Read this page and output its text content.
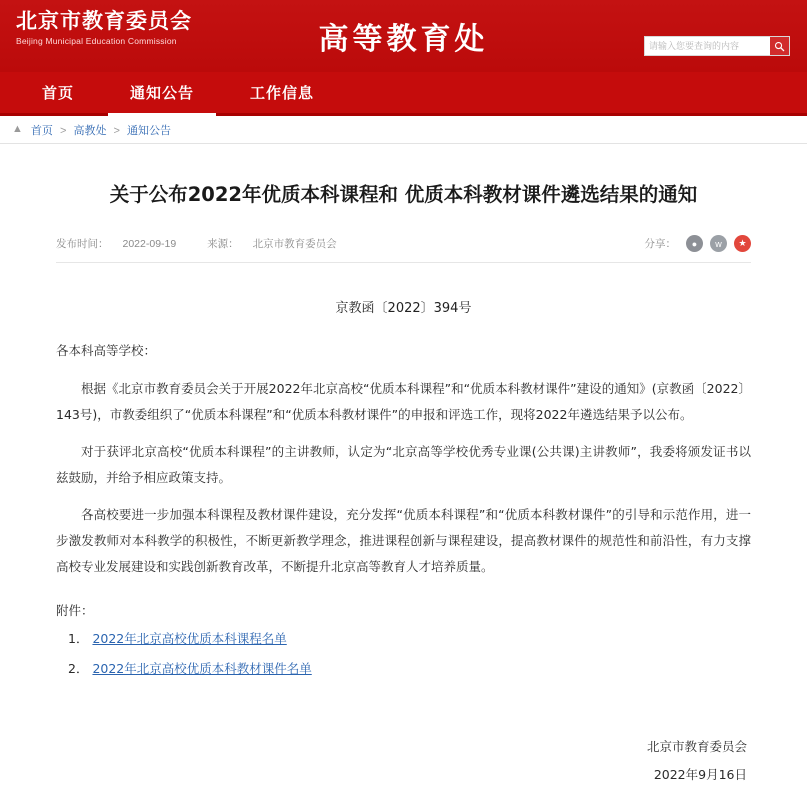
北京市教育委员会
Beijing Municipal Education Commission	高等教育处
请输入您要查询的内容
首页	通知公告	工作信息
▲ 首页 > 高教处 > 通知公告
关于公布2022年优质本科课程和 优质本科教材课件遴选结果的通知
发布时间： 2022-09-19	来源： 北京市教育委员会	分享：	●	w	★
京教函〔2022〕394号

各本科高等学校：

根据《北京市教育委员会关于开展2022年北京高校“优质本科课程”和“优质本科教材课件”建设的通知》(京教函〔2022〕143号)，市教委组织了“优质本科课程”和“优质本科教材课件”的申报和评选工作，现将2022年遴选结果予以公布。

对于获评北京高校“优质本科课程”的主讲教师，认定为“北京高等学校优秀专业课(公共课)主讲教师”，我委将颁发证书以兹鼓励，并给予相应政策支持。

各高校要进一步加强本科课程及教材课件建设，充分发挥“优质本科课程”和“优质本科教材课件”的引导和示范作用，进一步激发教师对本科教学的积极性，不断更新教学理念，推进课程创新与课程建设，提高教材课件的规范性和前沿性，有力支撑高校专业发展建设和实践创新教育改革，不断提升北京高等教育人才培养质量。

附件：
1． 2022年北京高校优质本科课程名单
2． 2022年北京高校优质本科教材课件名单
北京市教育委员会
2022年9月16日
